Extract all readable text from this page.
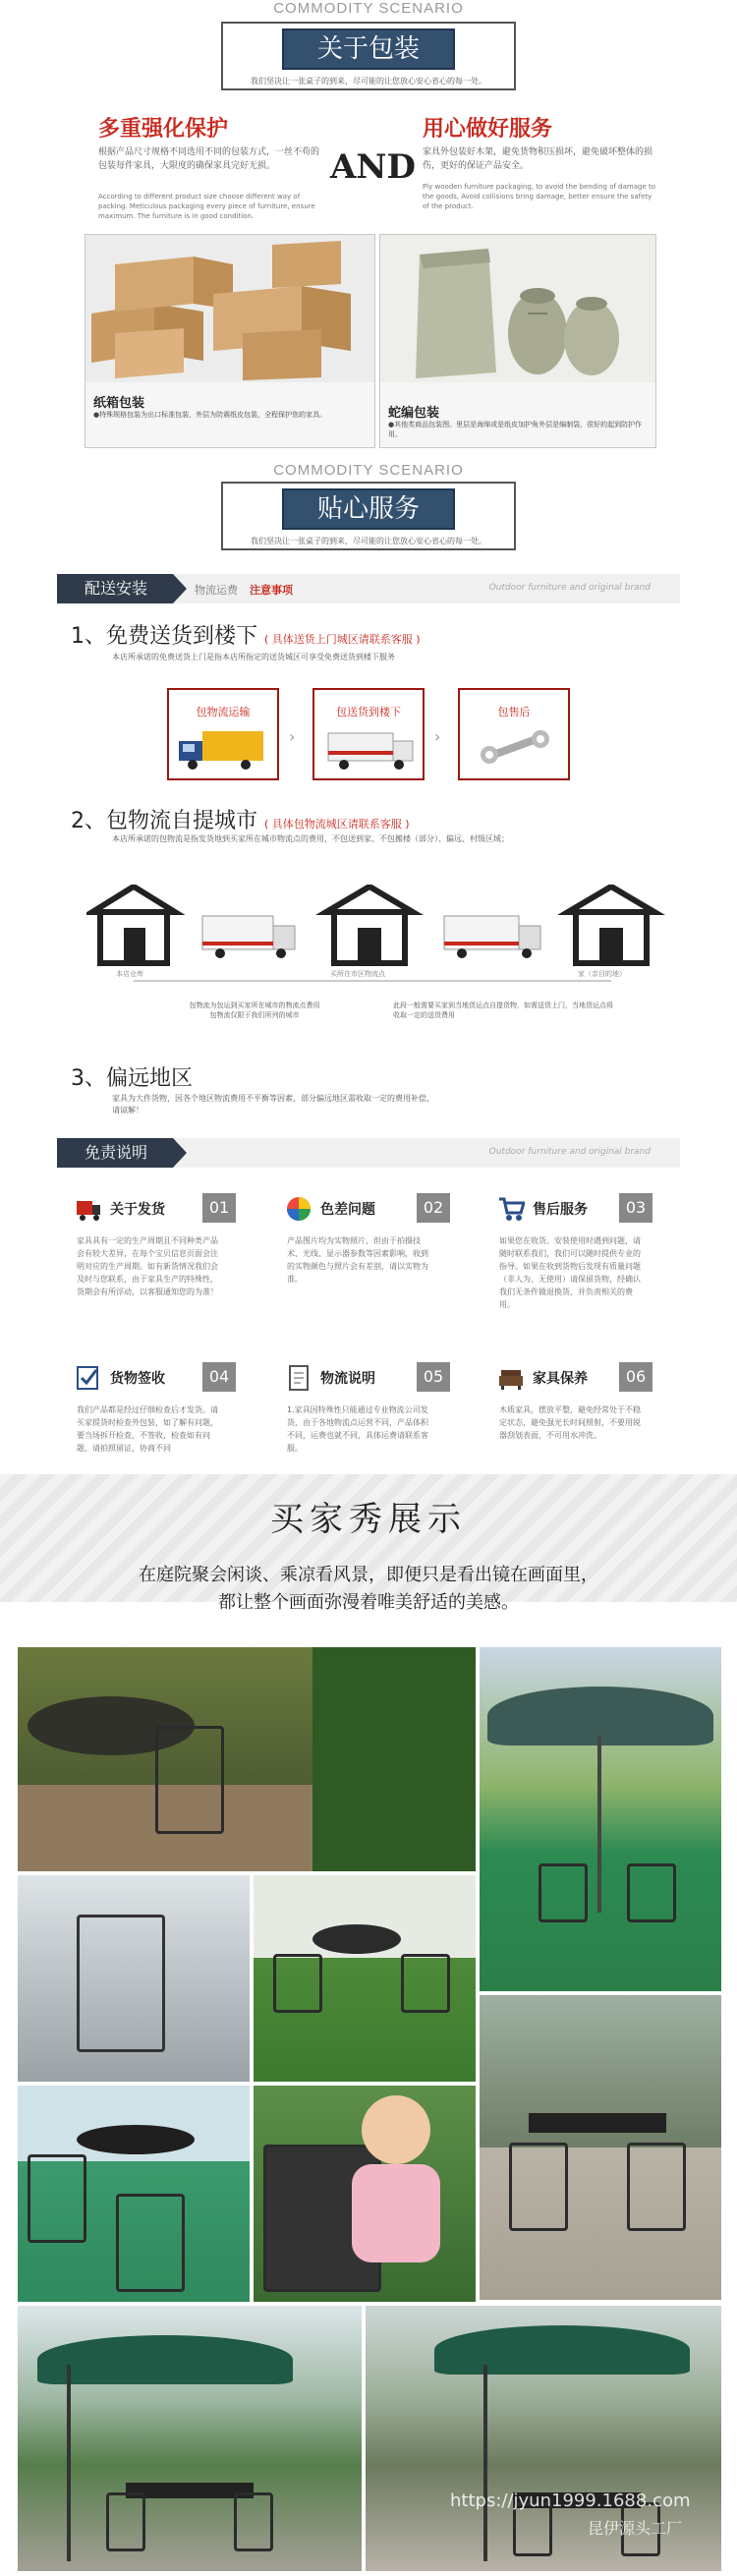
COMMODITY SCENARIO
关于包装
我们坚决让一张桌子的到来，尽可能的让您放心安心省心的每一处。
多重强化保护
根据产品尺寸规格不同选用不同的包装方式，一丝不苟的包装每件家具，大限度的确保家具完好无损。
According to different product size choose different way of packing. Meticulous packaging every piece of furniture, ensure maximum. The furniture is in good condition.
AND
用心做好服务
家具外包装好木架，避免货物积压损坏，避免破坏整体的损伤，更好的保证产品安全。
Ply wooden furniture packaging, to avoid the bending of damage to the goods, Avoid collisions bring damage, better ensure the safety of the product.
纸箱包装
●特殊规格包装为出口标准包装，外层为防震纸皮包装，全程保护您的家具。	蛇编包装
●其他类商品包装图。里层是海绵或是纸皮加护角外层是编制袋，很好的起到防护作用。
COMMODITY SCENARIO
贴心服务
我们坚决让一张桌子的到来，尽可能的让您放心安心省心的每一处。
配送安装	物流运费 注意事项	Outdoor furniture and original brand
1、免费送货到楼下 ( 具体送货上门城区请联系客服 )
本店所承诺的免费送货上门是指本店所指定的送货城区可享受免费送货到楼下服务
包物流运输
›
包送货到楼下
›
包售后
2、包物流自提城市 ( 具体包物流城区请联系客服 )
本店所承诺的包物流是指发货地到买家所在城市物流点的费用，不包送到家、不包搬楼（部分）、偏远、村级区域；
本店仓库	买所在市区物流点	家（亲目的地）
包物流为包运到买家所在城市的物流点费用
包物流仅限于我们所列的城市
此段一般需要买家到当地货运点自提货物，如需送货上门，当地货运点将收取一定的送货费用
3、偏远地区
家具为大件货物，因各个地区物流费用不平衡等因素，部分偏远地区需收取一定的费用补偿，请谅解！
免责说明	Outdoor furniture and original brand
关于发货	01
家具具有一定的生产周期且不同种类产品会有较大差异，在每个宝贝信息页面会注明对应的生产周期。如有新货情况我们会及时与您联系，由于家具生产的特殊性，货期会有所浮动，以客服通知您的为准！
色差问题	02
产品图片均为实物照片，但由于拍摄技术、光线、显示器参数等因素影响，收到的实物颜色与照片会有差别，请以实物为准。
售后服务	03
如果您在收货、安装使用时遇到问题，请随时联系我们，我们可以随时提供专业的指导。如果在收到货物后发现有质量问题（非人为、无使用）请保留货物，经确认我们无条件做退换货，并负责相关的费用。
货物签收	04
我们产品都是经过仔细检查后才发货。请买家提货时检查外包装，如了解有问题，要当场拆开检查，不签收，检查如有问题，请拍照留证，协商不同
物流说明	05
1.家具因特殊性只能通过专业物流公司发货，由于各地物流点运营不同，产品体积不同，运费也就不同，具体运费请联系客服。
家具保养	06
木质家具，摆放平整，避免经常处于不稳定状态，避免强光长时间照射，不要用锐器刮划表面，不可用水冲洗。
买家秀展示
在庭院聚会闲谈、乘凉看风景，即便只是看出镜在画面里，
都让整个画面弥漫着唯美舒适的美感。
https://jyun1999.1688.com
昆伊源头工厂
